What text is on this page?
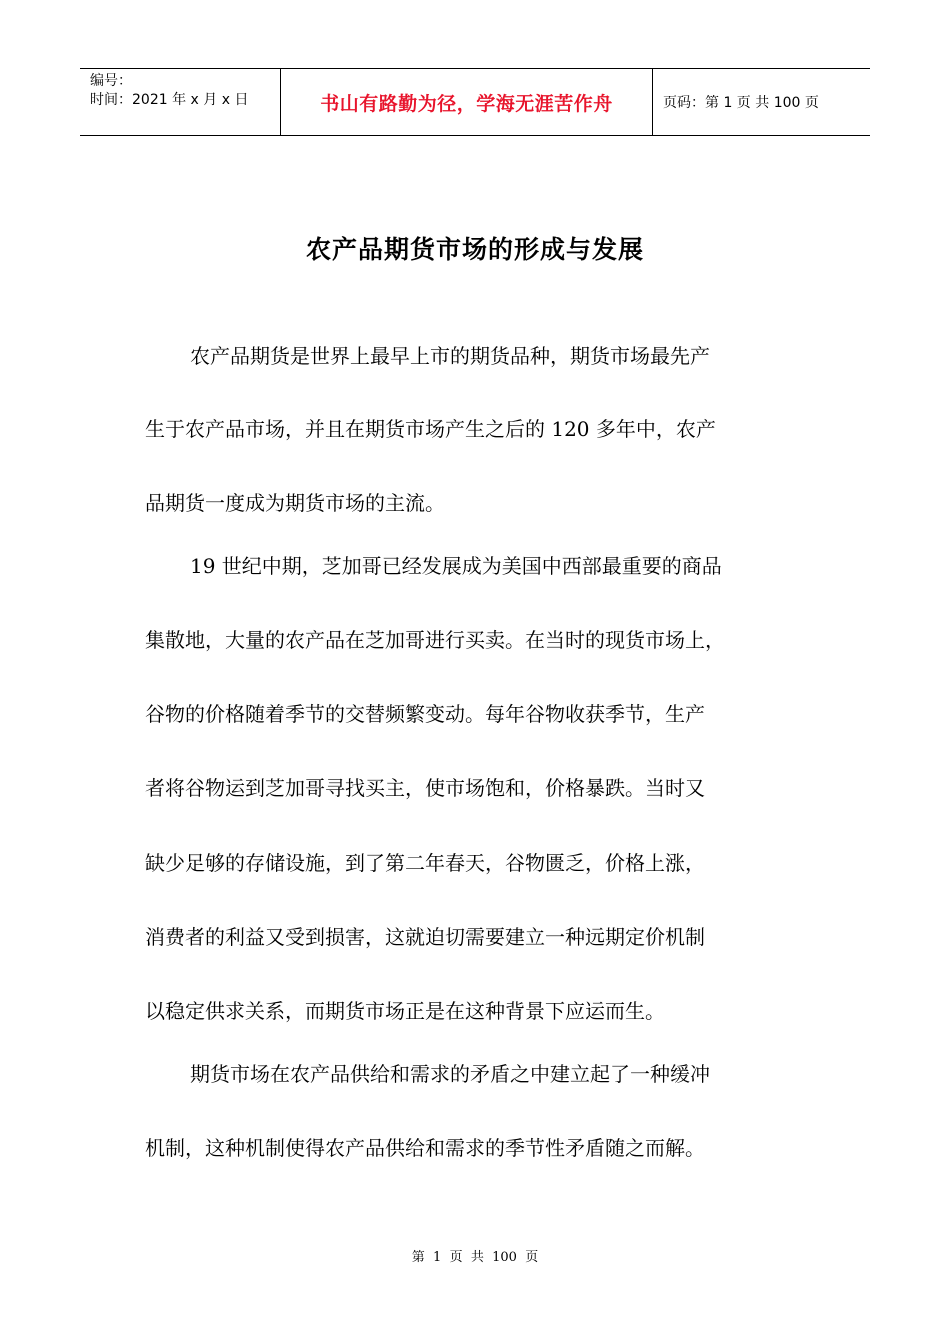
编号：
时间：2021 年 x 月 x 日	书山有路勤为径，学海无涯苦作舟	页码：第 1 页 共 100 页
农产品期货市场的形成与发展
农产品期货是世界上最早上市的期货品种，期货市场最先产
生于农产品市场，并且在期货市场产生之后的 120 多年中，农产
品期货一度成为期货市场的主流。
19 世纪中期，芝加哥已经发展成为美国中西部最重要的商品
集散地，大量的农产品在芝加哥进行买卖。在当时的现货市场上，
谷物的价格随着季节的交替频繁变动。每年谷物收获季节，生产
者将谷物运到芝加哥寻找买主，使市场饱和，价格暴跌。当时又
缺少足够的存储设施，到了第二年春天，谷物匮乏，价格上涨，
消费者的利益又受到损害，这就迫切需要建立一种远期定价机制
以稳定供求关系，而期货市场正是在这种背景下应运而生。
期货市场在农产品供给和需求的矛盾之中建立起了一种缓冲
机制，这种机制使得农产品供给和需求的季节性矛盾随之而解。
第  1  页  共  100  页
